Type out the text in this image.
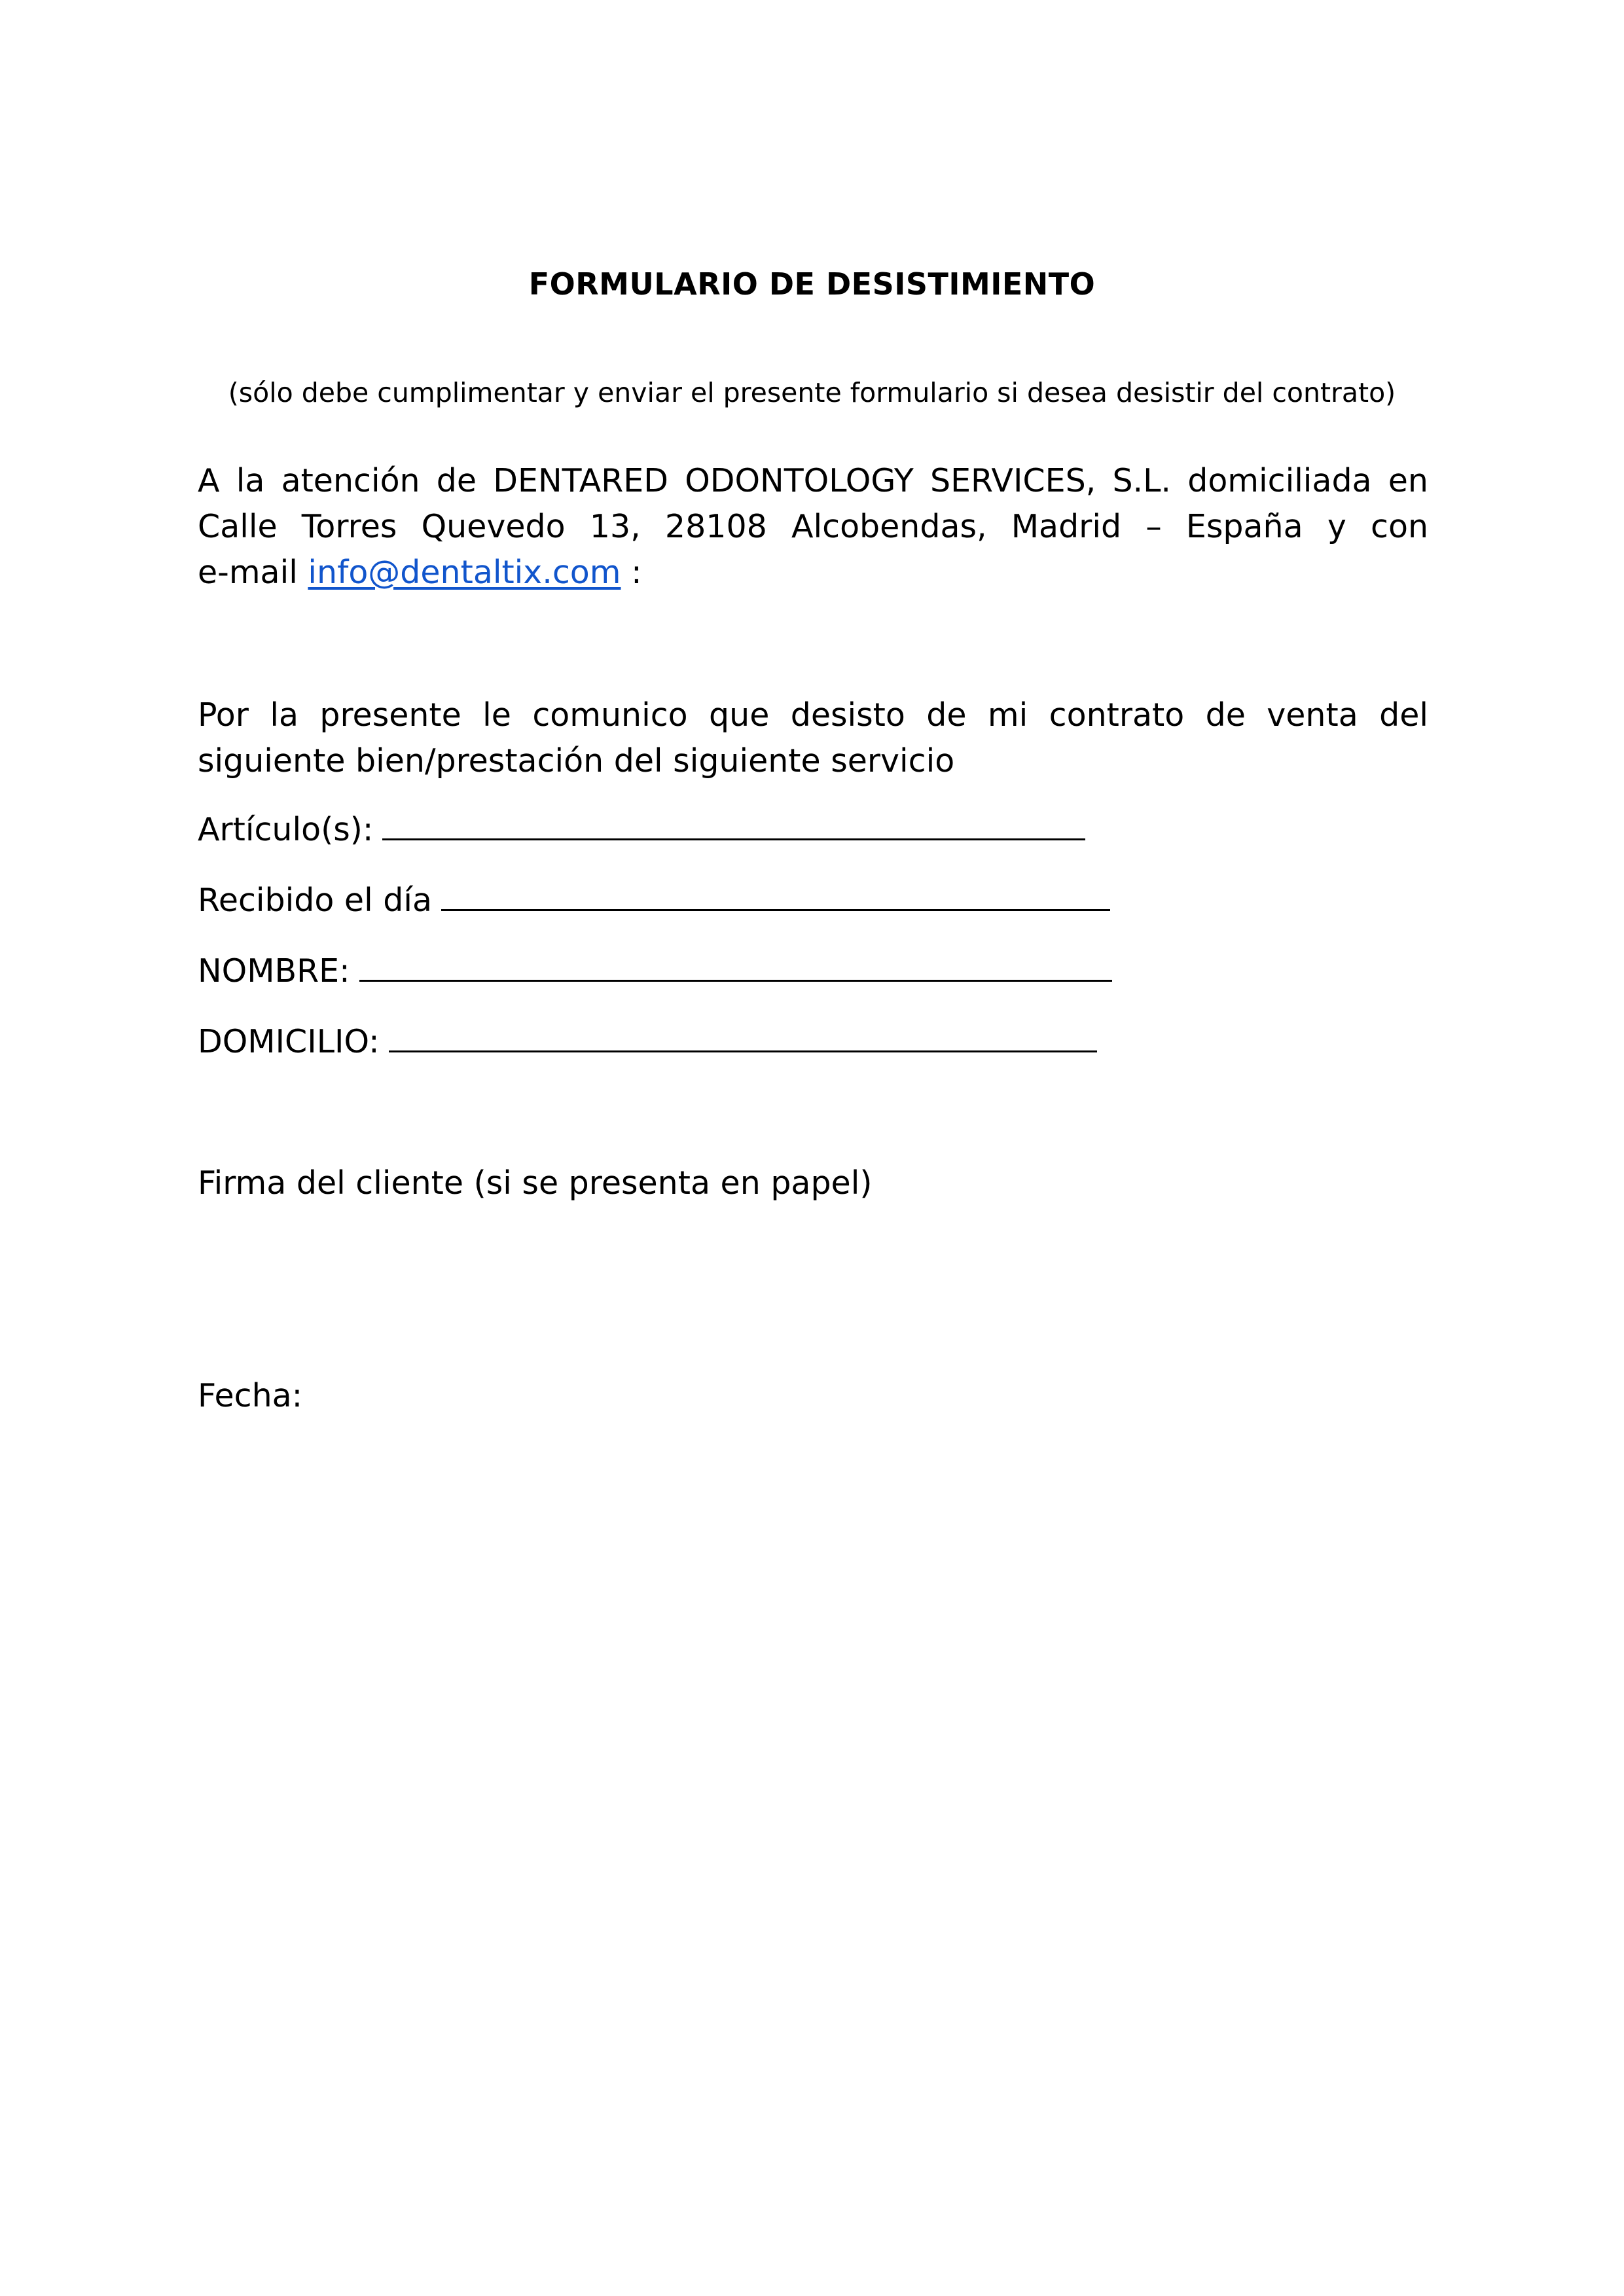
FORMULARIO DE DESISTIMIENTO

(sólo debe cumplimentar y enviar el presente formulario si desea desistir del contrato)

A la atención de DENTARED ODONTOLOGY SERVICES, S.L. domiciliada en
Calle Torres Quevedo 13, 28108 Alcobendas, Madrid – España y con
e-mail info@dentaltix.com :
Por la presente le comunico que desisto de mi contrato de venta del
siguiente bien/prestación del siguiente servicio
Artículo(s):
Recibido el día
NOMBRE:
DOMICILIO:

Firma del cliente (si se presenta en papel)

Fecha:
